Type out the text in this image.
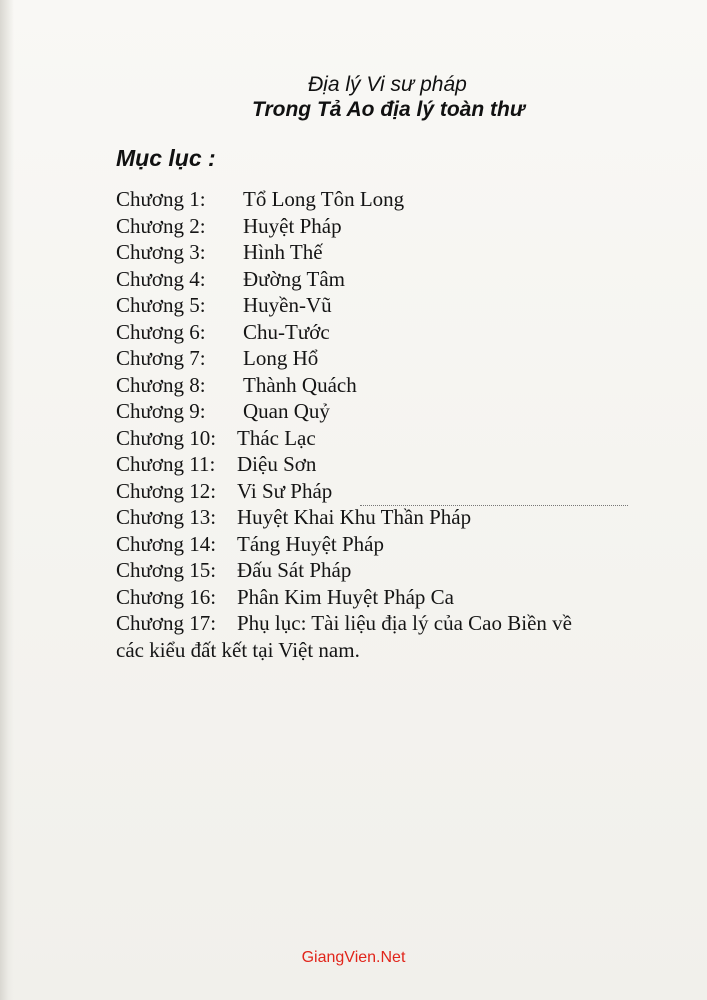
Địa lý Vi sư pháp
Trong Tả Ao địa lý toàn thư
Mục lục :
Chương 1:	Tổ Long Tôn Long
Chương 2:	Huyệt Pháp
Chương 3:	Hình Thế
Chương 4:	Đường Tâm
Chương 5:	Huyền-Vũ
Chương 6:	Chu-Tước
Chương 7:	Long Hổ
Chương 8:	Thành Quách
Chương 9:	Quan Quỷ
Chương 10: Thác Lạc
Chương 11:	Diệu Sơn
Chương 12: Vi Sư Pháp
Chương 13: Huyệt Khai Khu Thần Pháp
Chương 14: Táng Huyệt Pháp
Chương 15: Đấu Sát Pháp
Chương 16: Phân Kim Huyệt Pháp Ca
Chương 17: Phụ lục: Tài liệu địa lý của Cao Biền về
các kiểu đất kết tại Việt nam.
GiangVien.Net
